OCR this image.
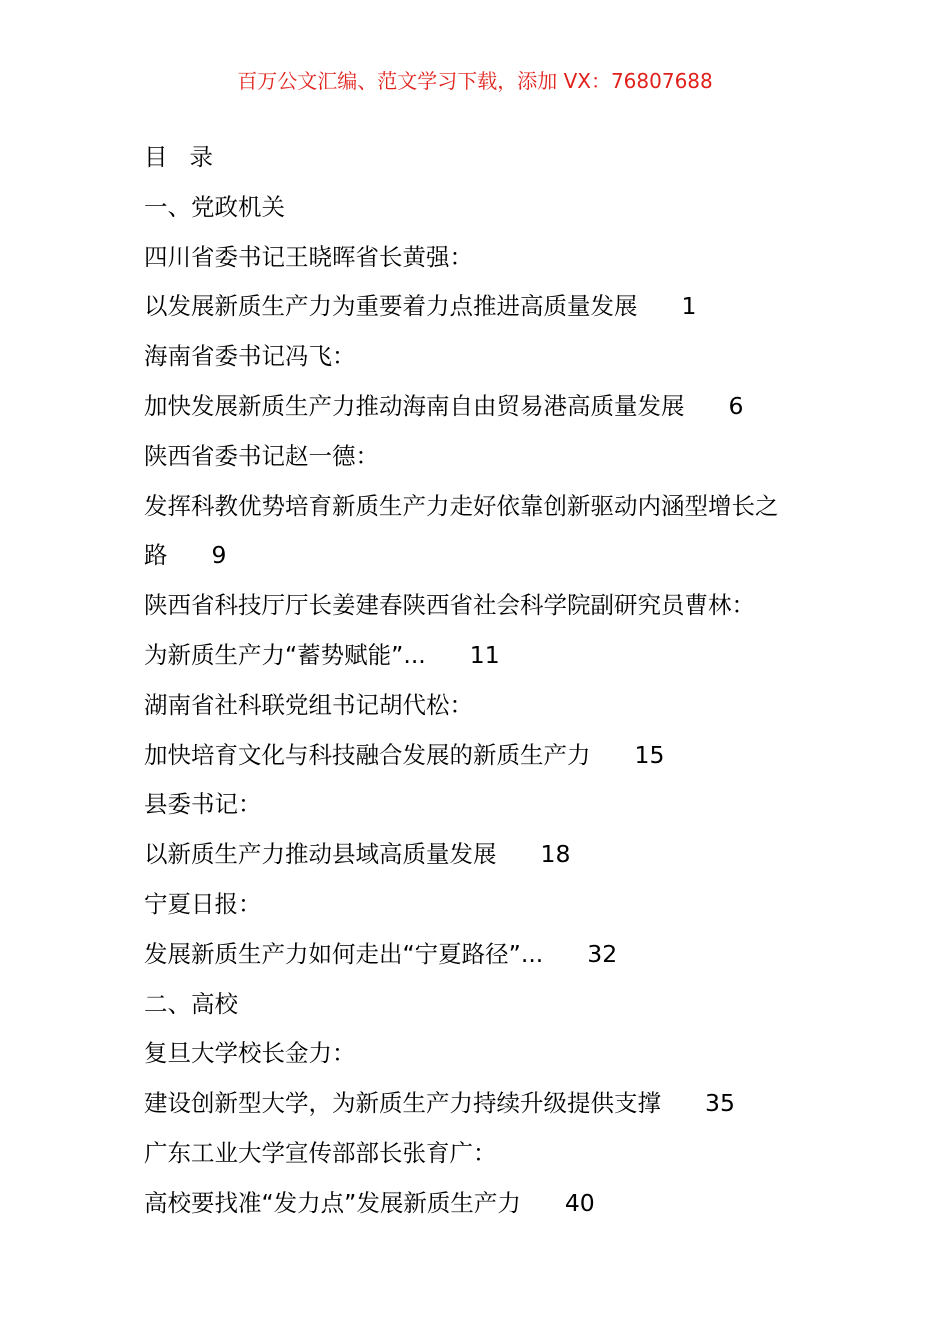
百万公文汇编、范文学习下载，添加 VX：76807688
目 录
一、党政机关
四川省委书记王晓晖省长黄强：
以发展新质生产力为重要着力点推进高质量发展 1
海南省委书记冯飞：
加快发展新质生产力推动海南自由贸易港高质量发展 6
陕西省委书记赵一德：
发挥科教优势培育新质生产力走好依靠创新驱动内涵型增长之
路 9
陕西省科技厅厅长姜建春陕西省社会科学院副研究员曹林：
为新质生产力“蓄势赋能”... 11
湖南省社科联党组书记胡代松：
加快培育文化与科技融合发展的新质生产力 15
县委书记：
以新质生产力推动县域高质量发展 18
宁夏日报：
发展新质生产力如何走出“宁夏路径”... 32
二、高校
复旦大学校长金力：
建设创新型大学，为新质生产力持续升级提供支撑 35
广东工业大学宣传部部长张育广：
高校要找准“发力点”发展新质生产力 40
